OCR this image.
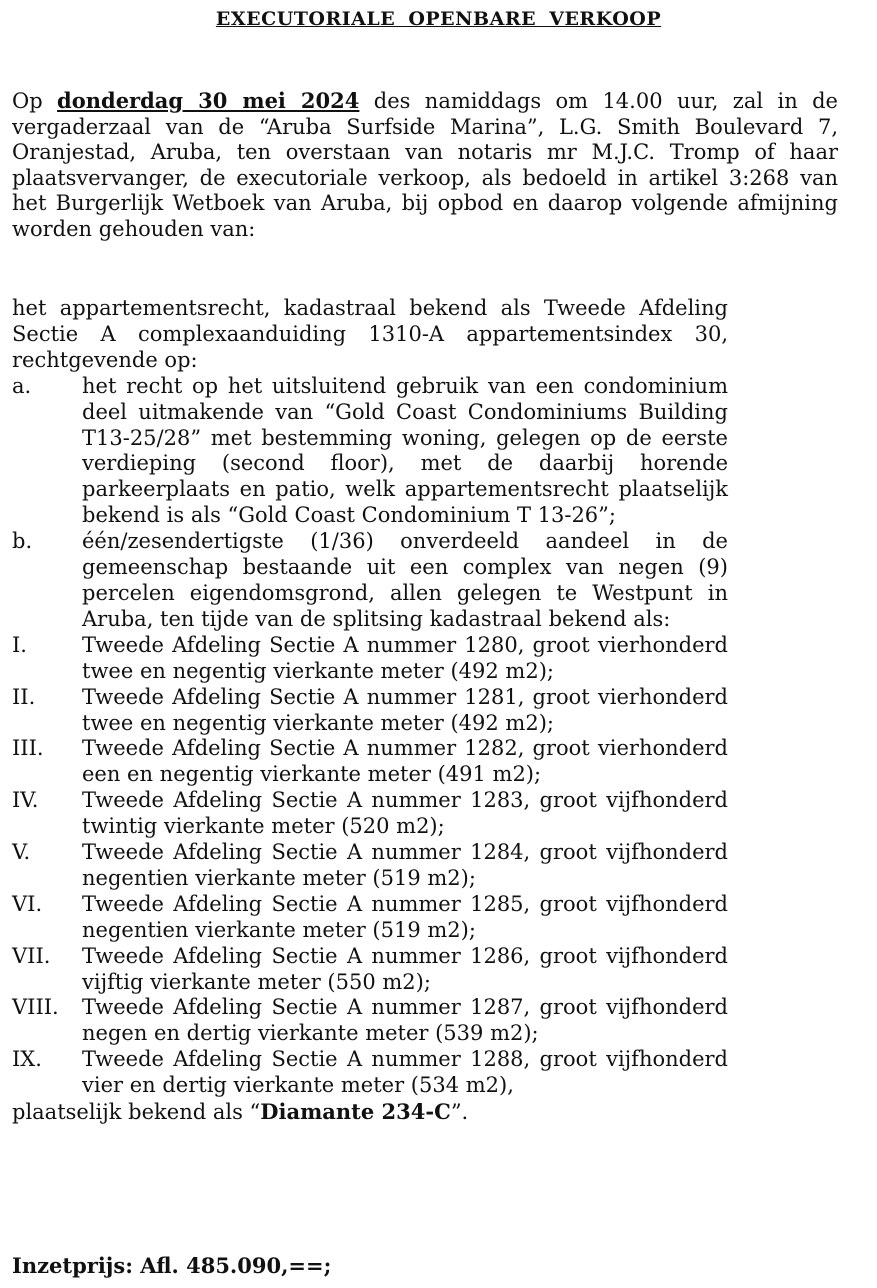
EXECUTORIALE OPENBARE VERKOOP
Op donderdag 30 mei 2024 des namiddags om 14.00 uur, zal in de vergaderzaal van de “Aruba Surfside Marina”, L.G. Smith Boulevard 7, Oranjestad, Aruba, ten overstaan van notaris mr M.J.C. Tromp of haar plaatsvervanger, de executoriale verkoop, als bedoeld in artikel 3:268 van het Burgerlijk Wetboek van Aruba, bij opbod en daarop volgende afmijning worden gehouden van:
het appartementsrecht, kadastraal bekend als Tweede Afdeling Sectie A complexaanduiding 1310-A appartementsindex 30, rechtgevende op:
a.	het recht op het uitsluitend gebruik van een condominium deel uitmakende van “Gold Coast Condominiums Building T13-25/28” met bestemming woning, gelegen op de eerste verdieping (second floor), met de daarbij horende parkeerplaats en patio, welk appartementsrecht plaatselijk bekend is als “Gold Coast Condominium T 13-26”;
b.	één/zesendertigste (1/36) onverdeeld aandeel in de gemeenschap bestaande uit een complex van negen (9) percelen eigendomsgrond, allen gelegen te Westpunt in Aruba, ten tijde van de splitsing kadastraal bekend als:
I.	Tweede Afdeling Sectie A nummer 1280, groot vierhonderd twee en negentig vierkante meter (492 m2);
II.	Tweede Afdeling Sectie A nummer 1281, groot vierhonderd twee en negentig vierkante meter (492 m2);
III.	Tweede Afdeling Sectie A nummer 1282, groot vierhonderd een en negentig vierkante meter (491 m2);
IV.	Tweede Afdeling Sectie A nummer 1283, groot vijfhonderd twintig vierkante meter (520 m2);
V.	Tweede Afdeling Sectie A nummer 1284, groot vijfhonderd negentien vierkante meter (519 m2);
VI.	Tweede Afdeling Sectie A nummer 1285, groot vijfhonderd negentien vierkante meter (519 m2);
VII.	Tweede Afdeling Sectie A nummer 1286, groot vijfhonderd vijftig vierkante meter (550 m2);
VIII.	Tweede Afdeling Sectie A nummer 1287, groot vijfhonderd negen en dertig vierkante meter (539 m2);
IX.	Tweede Afdeling Sectie A nummer 1288, groot vijfhonderd vier en dertig vierkante meter (534 m2),
plaatselijk bekend als “Diamante 234-C”.
Inzetprijs: Afl. 485.090,==;
